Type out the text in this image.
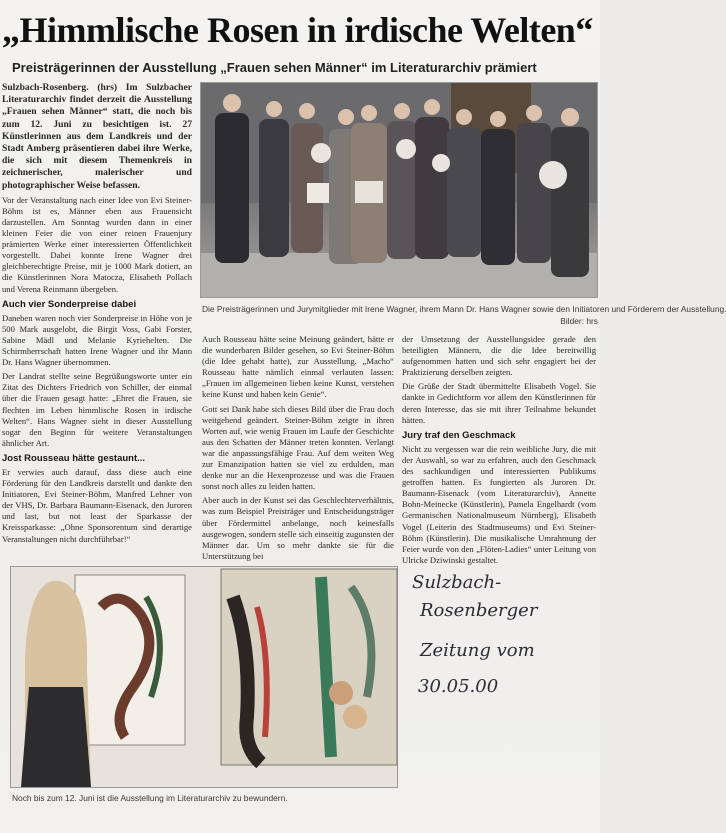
„Himmlische Rosen in irdische Welten“
Preisträgerinnen der Ausstellung „Frauen sehen Männer“ im Literaturarchiv prämiert

Sulzbach-Rosenberg. (hrs) Im Sulzbacher Literaturarchiv findet derzeit die Ausstellung „Frauen sehen Männer“ statt, die noch bis zum 12. Juni zu besichtigen ist. 27 Künstlerinnen aus dem Landkreis und der Stadt Amberg präsentieren dabei ihre Werke, die sich mit diesem Themenkreis in zeichnerischer, malerischer und photographischer Weise befassen.

Vor der Veranstaltung nach einer Idee von Evi Steiner-Böhm ist es, Männer eben aus Frauensicht darzustellen. Am Sonntag wurden dann in einer kleinen Feier die von einer reinen Frauenjury prämierten Werke einer interessierten Öffentlichkeit vorgestellt. Dabei konnte Irene Wagner drei gleichberechtigte Preise, mit je 1000 Mark dotiert, an die Künstlerinnen Nora Matocza, Elisabeth Pollach und Verena Reinmann übergeben.

Auch vier Sonderpreise dabei

Daneben waren noch vier Sonderpreise in Höhe von je 500 Mark ausgelobt, die Birgit Voss, Gabi Forster, Sabine Mädl und Melanie Kyriehelten. Die Schirmherrschaft hatten Irene Wagner und ihr Mann Dr. Hans Wagner übernommen.

Der Landrat stellte seine Begrüßungsworte unter ein Zitat des Dichters Friedrich von Schiller, der einmal über die Frauen gesagt hatte: „Ehret die Frauen, sie flechten im Leben himmlische Rosen in irdische Welten“. Hans Wagner sieht in dieser Ausstellung sogar den Beginn für weitere Veranstaltungen ähnlicher Art.

Jost Rousseau hätte gestaunt...

Er verwies auch darauf, dass diese auch eine Förderung für den Landkreis darstellt und dankte den Initiatoren, Evi Steiner-Böhm, Manfred Lehner von der VHS, Dr. Barbara Baumann-Eisenack, den Juroren und last, but not least der Sparkasse der Kreissparkasse: „Ohne Sponsorentum sind derartige Veranstaltungen nicht durchführbar!“

Die Preisträgerinnen und Jurymitglieder mit Irene Wagner, ihrem Mann Dr. Hans Wagner sowie den Initiatoren und Förderern der Ausstellung.
Bilder: hrs

Auch Rousseau hätte seine Meinung geändert, hätte er die wunderbaren Bilder gesehen, so Evi Steiner-Böhm (die Idee gehabt hatte), zur Ausstellung. „Macho“ Rousseau hatte nämlich einmal verlauten lassen: „Frauen im allgemeinen lieben keine Kunst, verstehen keine Kunst und haben kein Genie“.

Gott sei Dank habe sich dieses Bild über die Frau doch weitgehend geändert. Steiner-Böhm zeigte in ihren Worten auf, wie wenig Frauen im Laufe der Geschichte aus den Schatten der Männer treten konnten. Verlangt war die anpassungsfähige Frau. Auf dem weiten Weg zur Emanzipation hatten sie viel zu erdulden, man denke nur an die Hexenprozesse und was die Frauen sonst noch alles zu leiden hatten.

Aber auch in der Kunst sei das Geschlechterverhältnis, was zum Beispiel Preisträger und Entscheidungsträger über Fördermittel anbelange, noch keinesfalls ausgewogen, sondern stelle sich einseitig zugunsten der Männer dar. Um so mehr dankte sie für die Unterstützung bei

der Umsetzung der Ausstellungsidee gerade den beteiligten Männern, die die Idee bereitwillig aufgenommen hatten und sich sehr engagiert bei der Praktizierung derselben zeigten.

Die Grüße der Stadt übermittelte Elisabeth Vogel. Sie dankte in Gedichtform vor allem den Künstlerinnen für deren Interesse, das sie mit ihrer Teilnahme bekundet hätten.

Jury traf den Geschmack

Nicht zu vergessen war die rein weibliche Jury, die mit der Auswahl, so war zu erfahren, auch den Geschmack des sachkundigen und interessierten Publikums getroffen hatten. Es fungierten als Juroren Dr. Baumann-Eisenack (vom Literaturarchiv), Annette Bohn-Meinecke (Künstlerin), Pamela Engelhardt (vom Germanischen Nationalmuseum Nürnberg), Elisabeth Vogel (Leiterin des Stadtmuseums) und Evi Steiner-Böhm (Künstlerin). Die musikalische Umrahmung der Feier wurde von den „Flöten-Ladies“ unter Leitung von Ulricke Dziwinski gestaltet.

Noch bis zum 12. Juni ist die Ausstellung im Literaturarchiv zu bewundern.
Sulzbach-
Rosenberger
Zeitung vom
30.05.00
